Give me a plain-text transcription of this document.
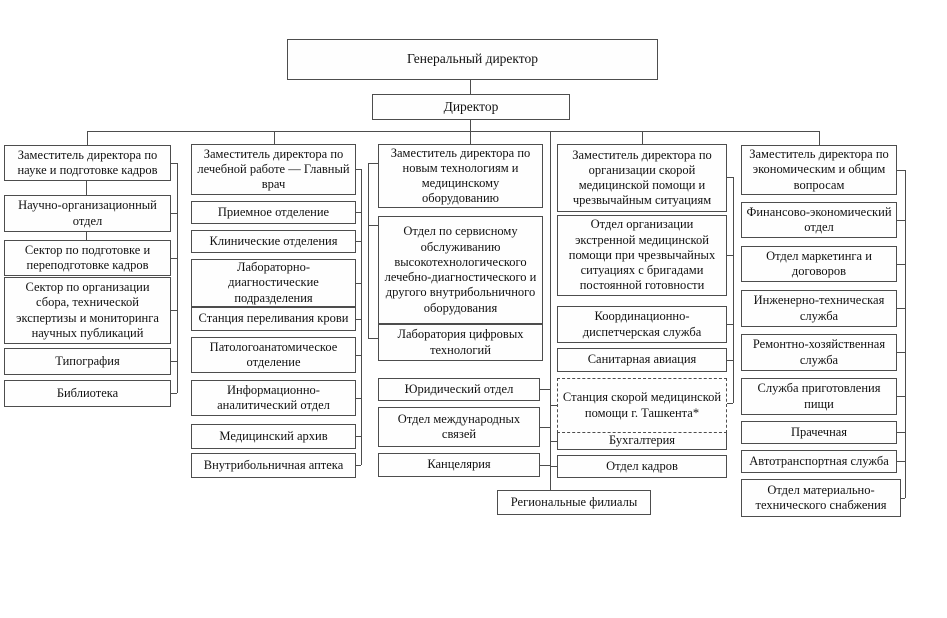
Генеральный директор
Директор
Заместитель директора по науке и подготовке кадров
Научно-организационный отдел
Сектор по подготовке и переподготовке кадров
Сектор по организации сбора, технической экспертизы и мониторинга научных публикаций
Типография
Библиотека
Заместитель директора по лечебной работе — Главный врач
Приемное отделение
Клинические отделения
Лабораторно-диагностические подразделения
Станция переливания крови
Патологоанатомическое отделение
Информационно-аналитический отдел
Медицинский архив
Внутрибольничная аптека
Заместитель директора по новым технологиям и медицинскому оборудованию
Отдел по сервисному обслуживанию высокотехнологического лечебно-диагностического и другого внутрибольничного оборудования
Лаборатория цифровых технологий
Юридический отдел
Отдел международных связей
Канцелярия
Заместитель директора по организации скорой медицинской помощи и чрезвычайным ситуациям
Отдел организации экстренной медицинской помощи при чрезвычайных ситуациях с бригадами постоянной готовности
Координационно-диспетчерская служба
Санитарная авиация
Станция скорой медицинской помощи г. Ташкента*
Бухгалтерия
Отдел кадров
Заместитель директора по экономическим и общим вопросам
Финансово-экономический отдел
Отдел маркетинга и договоров
Инженерно-техническая служба
Ремонтно-хозяйственная служба
Служба приготовления пищи
Прачечная
Автотранспортная служба
Отдел материально-технического снабжения
Региональные филиалы
